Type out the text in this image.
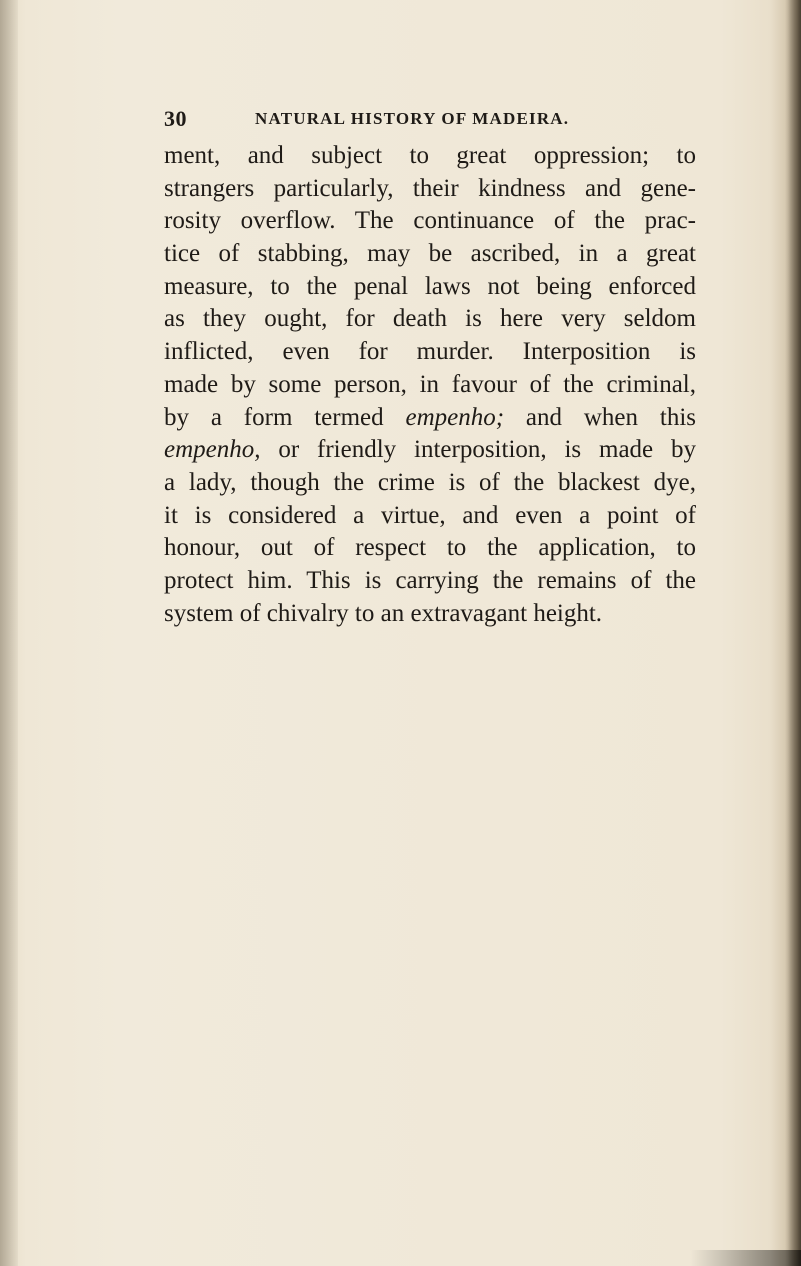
30	NATURAL HISTORY OF MADEIRA.
ment, and subject to great oppression; to
strangers particularly, their kindness and gene-
rosity overflow. The continuance of the prac-
tice of stabbing, may be ascribed, in a great
measure, to the penal laws not being enforced
as they ought, for death is here very seldom
inflicted, even for murder. Interposition is
made by some person, in favour of the criminal,
by a form termed empenho; and when this
empenho, or friendly interposition, is made by
a lady, though the crime is of the blackest dye,
it is considered a virtue, and even a point of
honour, out of respect to the application, to
protect him. This is carrying the remains of the
system of chivalry to an extravagant height.
